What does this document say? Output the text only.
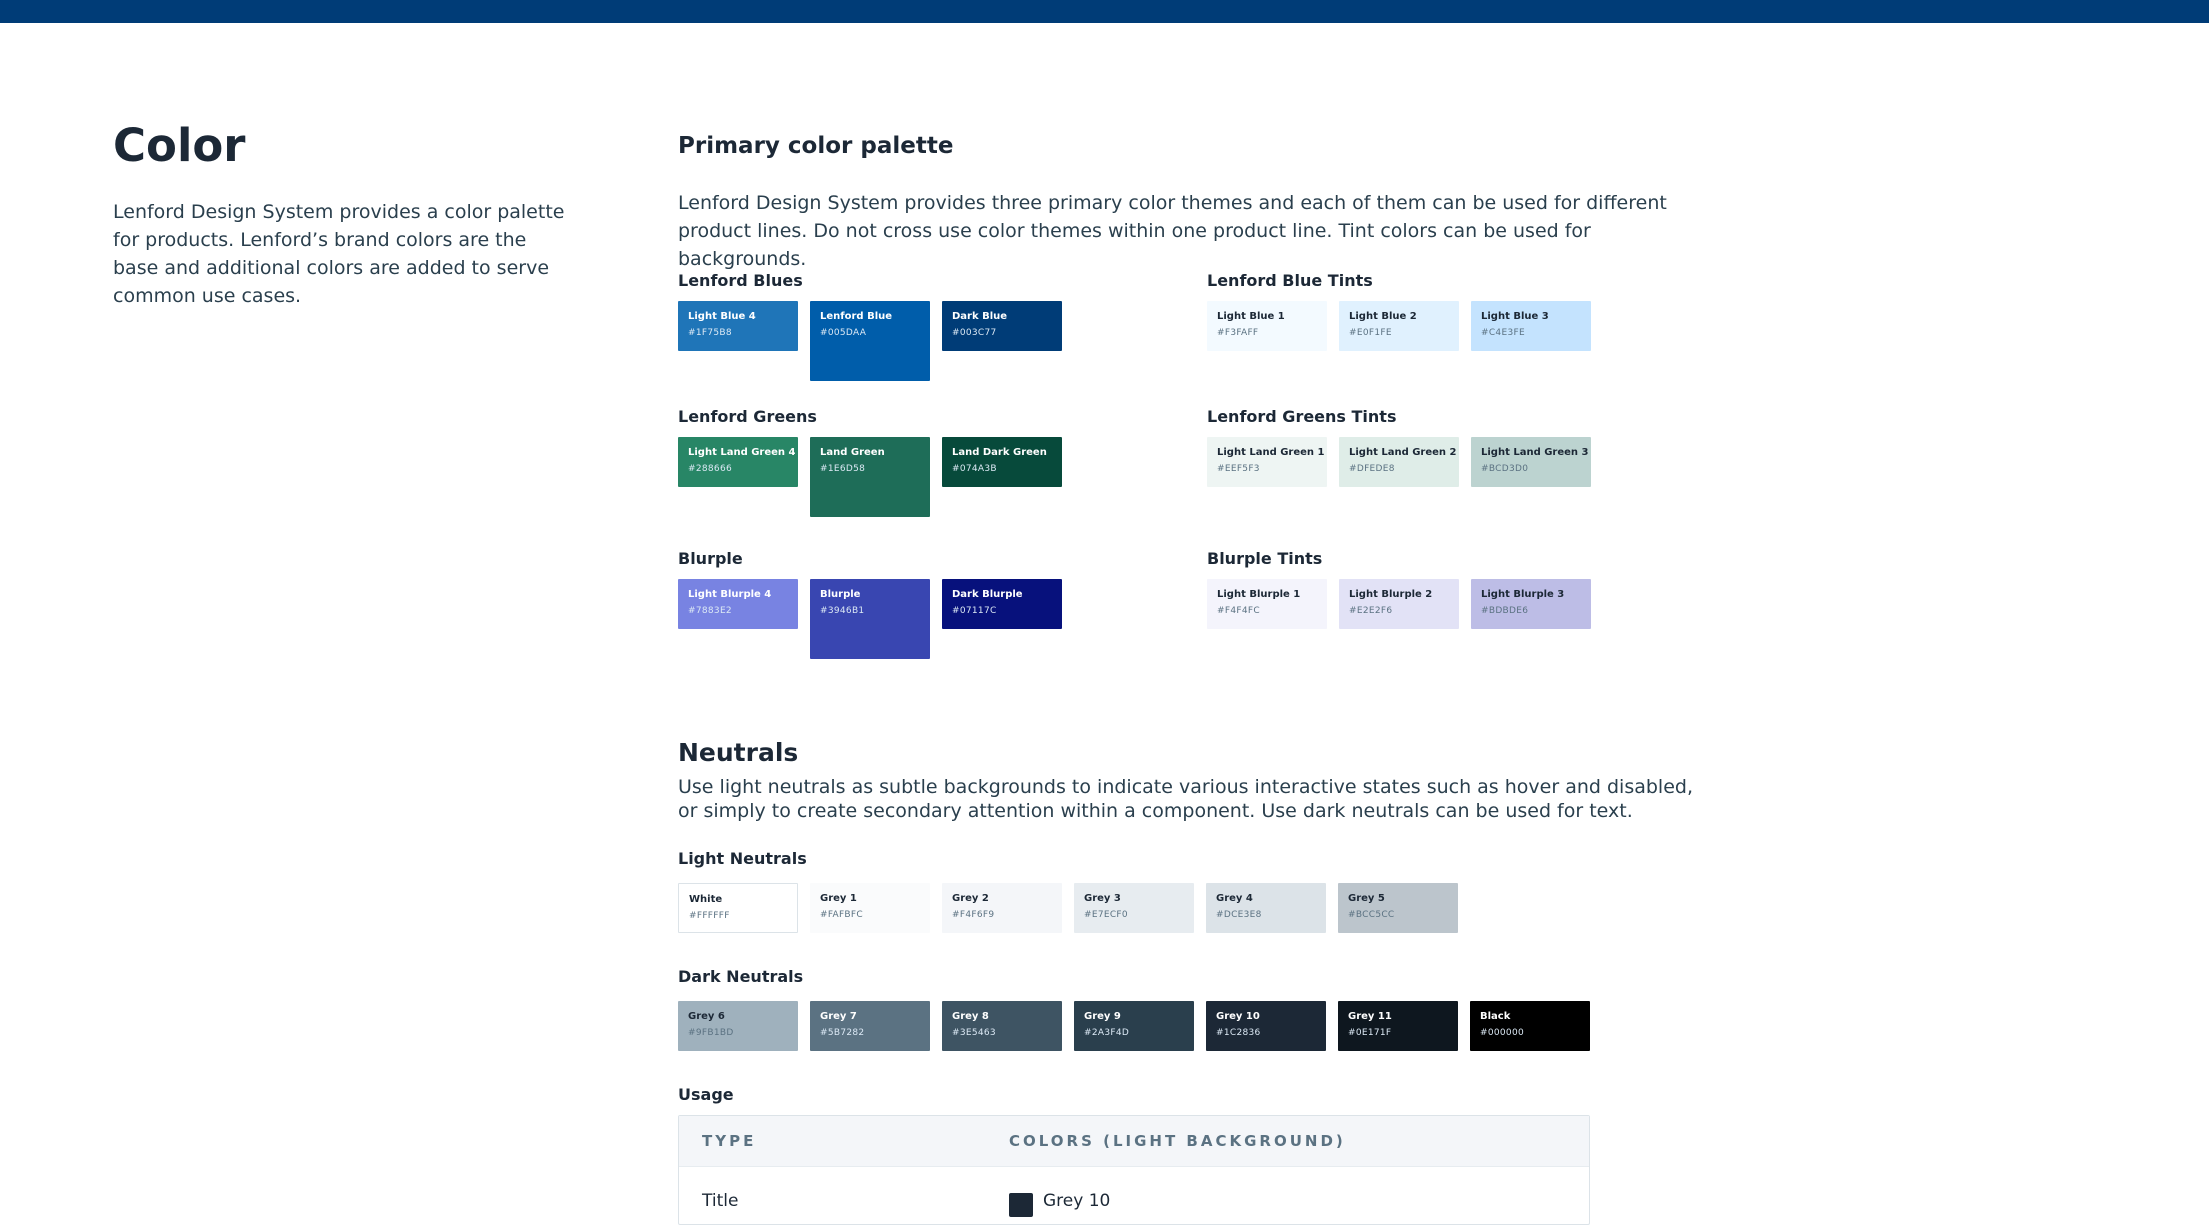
Color

Lenford Design System provides a color palette for products. Lenford’s brand colors are the base and additional colors are added to serve common use cases.

Primary color palette

Lenford Design System provides three primary color themes and each of them can be used for different product lines. Do not cross use color themes within one product line. Tint colors can be used for backgrounds.

Lenford Blues
Light Blue 4
#1F75B8
Lenford Blue
#005DAA
Dark Blue
#003C77
Lenford Blue Tints
Light Blue 1
#F3FAFF
Light Blue 2
#E0F1FE
Light Blue 3
#C4E3FE
Lenford Greens
Light Land Green 4
#288666
Land Green
#1E6D58
Land Dark Green
#074A3B
Lenford Greens Tints
Light Land Green 1
#EEF5F3
Light Land Green 2
#DFEDE8
Light Land Green 3
#BCD3D0
Blurple
Light Blurple 4
#7883E2
Blurple
#3946B1
Dark Blurple
#07117C
Blurple Tints
Light Blurple 1
#F4F4FC
Light Blurple 2
#E2E2F6
Light Blurple 3
#BDBDE6
Neutrals

Use light neutrals as subtle backgrounds to indicate various interactive states such as hover and disabled, or simply to create secondary attention within a component. Use dark neutrals can be used for text.

Light Neutrals
White
#FFFFFF
Grey 1
#FAFBFC
Grey 2
#F4F6F9
Grey 3
#E7ECF0
Grey 4
#DCE3E8
Grey 5
#BCC5CC
Dark Neutrals
Grey 6
#9FB1BD
Grey 7
#5B7282
Grey 8
#3E5463
Grey 9
#2A3F4D
Grey 10
#1C2836
Grey 11
#0E171F
Black
#000000
Usage
TYPE	COLORS (LIGHT BACKGROUND)
Title	Grey 10
